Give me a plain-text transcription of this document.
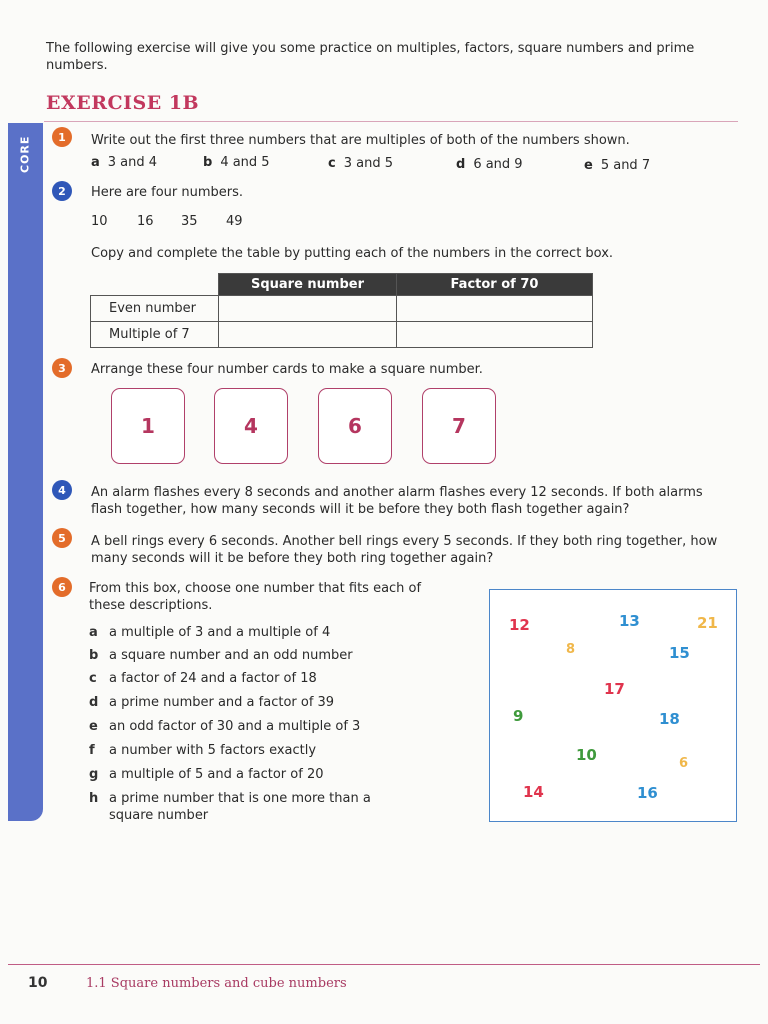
The following exercise will give you some practice on multiples, factors, square numbers and prime numbers.
EXERCISE 1B
CORE	1	Write out the first three numbers that are multiples of both of the numbers shown.
a 3 and 4	b 4 and 5	c 3 and 5	d 6 and 9	e 5 and 7
2	Here are four numbers.
10 16 35 49
Copy and complete the table by putting each of the numbers in the correct box.
	Square number	Factor of 70
Even number		
Multiple of 7		
3	Arrange these four number cards to make a square number.
1	4	6	7
4	An alarm flashes every 8 seconds and another alarm flashes every 12 seconds. If both alarms flash together, how many seconds will it be before they both flash together again?
5	A bell rings every 6 seconds. Another bell rings every 5 seconds. If they both ring together, how many seconds will it be before they both ring together again?
6	From this box, choose one number that fits each of these descriptions.
a a multiple of 3 and a multiple of 4
b a square number and an odd number
c a factor of 24 and a factor of 18
d a prime number and a factor of 39
e an odd factor of 30 and a multiple of 3
f a number with 5 factors exactly
g a multiple of 5 and a factor of 20
h a prime number that is one more than a square number
12	13	21
8	15
17
9	18
10	6
14	16
10	1.1 Square numbers and cube numbers
